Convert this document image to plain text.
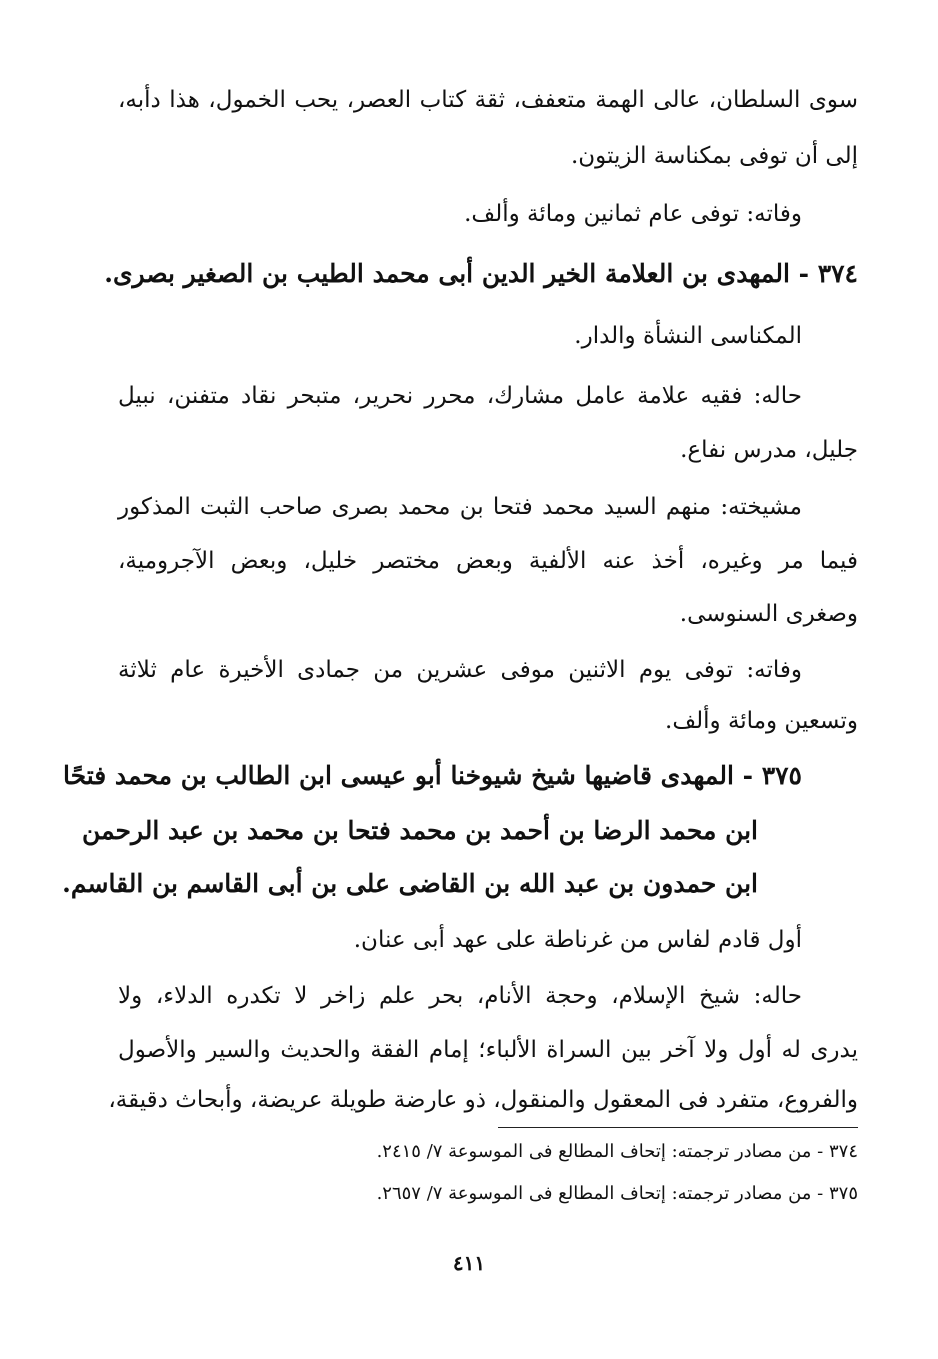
سوى السلطان، عالى الهمة متعفف، ثقة كتاب العصر، يحب الخمول، هذا دأبه،
إلى أن توفى بمكناسة الزيتون.
وفاته: توفى عام ثمانين ومائة وألف.
٣٧٤ - المهدى بن العلامة الخير الدين أبى محمد الطيب بن الصغير بصرى.
المكناسى النشأة والدار.
حاله: فقيه علامة عامل مشارك، محرر نحرير، متبحر نقاد متفنن، نبيل
جليل، مدرس نفاع.
مشيخته: منهم السيد محمد فتحا بن محمد بصرى صاحب الثبت المذكور
فيما مر وغيره، أخذ عنه الألفية وبعض مختصر خليل، وبعض الآجرومية،
وصغرى السنوسى.
وفاته: توفى يوم الاثنين موفى عشرين من جمادى الأخيرة عام ثلاثة
وتسعين ومائة وألف.
٣٧٥ - المهدى قاضيها شيخ شيوخنا أبو عيسى ابن الطالب بن محمد فتحًا
ابن محمد الرضا بن أحمد بن محمد فتحا بن محمد بن عبد الرحمن
ابن حمدون بن عبد الله بن القاضى على بن أبى القاسم بن القاسم.
أول قادم لفاس من غرناطة على عهد أبى عنان.
حاله: شيخ الإسلام، وحجة الأنام، بحر علم زاخر لا تكدره الدلاء، ولا
يدرى له أول ولا آخر بين السراة الألباء؛ إمام الفقة والحديث والسير والأصول
والفروع، متفرد فى المعقول والمنقول، ذو عارضة طويلة عريضة، وأبحاث دقيقة،
٣٧٤ - من مصادر ترجمته: إتحاف المطالع فى الموسوعة ٧/ ٢٤١٥.
٣٧٥ - من مصادر ترجمته: إتحاف المطالع فى الموسوعة ٧/ ٢٦٥٧.
٤١١
